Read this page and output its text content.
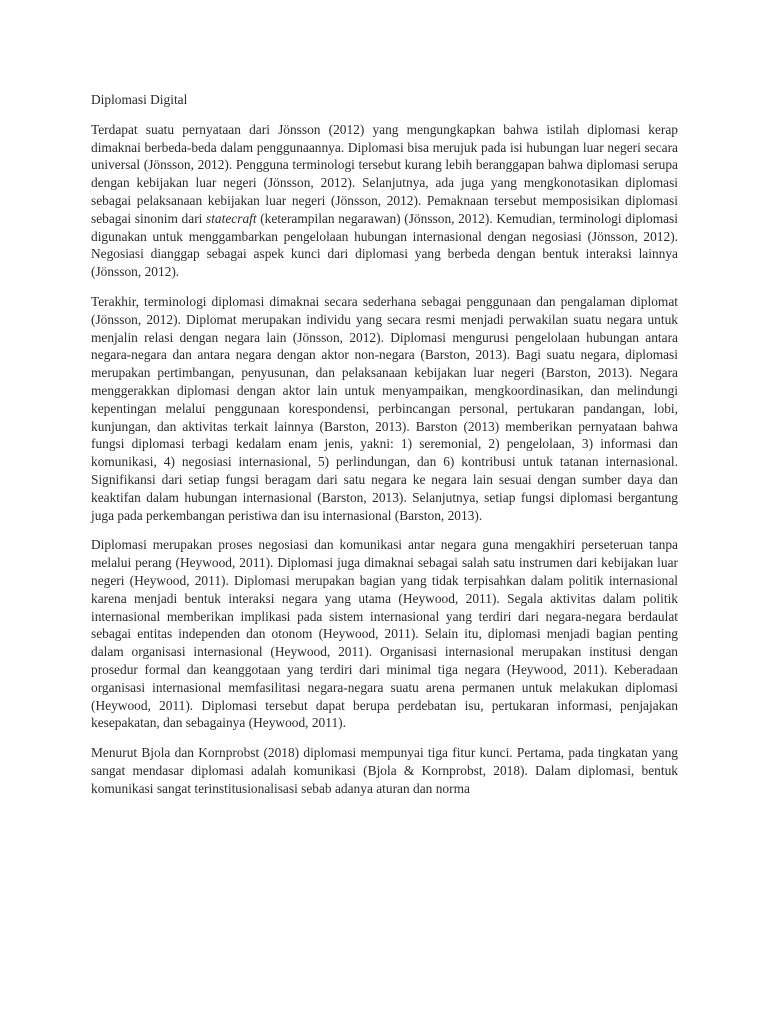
Diplomasi Digital

Terdapat suatu pernyataan dari Jönsson (2012) yang mengungkapkan bahwa istilah diplomasi kerap dimaknai berbeda-beda dalam penggunaannya. Diplomasi bisa merujuk pada isi hubungan luar negeri secara universal (Jönsson, 2012). Pengguna terminologi tersebut kurang lebih beranggapan bahwa diplomasi serupa dengan kebijakan luar negeri (Jönsson, 2012). Selanjutnya, ada juga yang mengkonotasikan diplomasi sebagai pelaksanaan kebijakan luar negeri (Jönsson, 2012). Pemaknaan tersebut memposisikan diplomasi sebagai sinonim dari statecraft (keterampilan negarawan) (Jönsson, 2012). Kemudian, terminologi diplomasi digunakan untuk menggambarkan pengelolaan hubungan internasional dengan negosiasi (Jönsson, 2012). Negosiasi dianggap sebagai aspek kunci dari diplomasi yang berbeda dengan bentuk interaksi lainnya (Jönsson, 2012).

Terakhir, terminologi diplomasi dimaknai secara sederhana sebagai penggunaan dan pengalaman diplomat (Jönsson, 2012). Diplomat merupakan individu yang secara resmi menjadi perwakilan suatu negara untuk menjalin relasi dengan negara lain (Jönsson, 2012). Diplomasi mengurusi pengelolaan hubungan antara negara-negara dan antara negara dengan aktor non-negara (Barston, 2013). Bagi suatu negara, diplomasi merupakan pertimbangan, penyusunan, dan pelaksanaan kebijakan luar negeri (Barston, 2013). Negara menggerakkan diplomasi dengan aktor lain untuk menyampaikan, mengkoordinasikan, dan melindungi kepentingan melalui penggunaan korespondensi, perbincangan personal, pertukaran pandangan, lobi, kunjungan, dan aktivitas terkait lainnya (Barston, 2013). Barston (2013) memberikan pernyataan bahwa fungsi diplomasi terbagi kedalam enam jenis, yakni: 1) seremonial, 2) pengelolaan, 3) informasi dan komunikasi, 4) negosiasi internasional, 5) perlindungan, dan 6) kontribusi untuk tatanan internasional. Signifikansi dari setiap fungsi beragam dari satu negara ke negara lain sesuai dengan sumber daya dan keaktifan dalam hubungan internasional (Barston, 2013). Selanjutnya, setiap fungsi diplomasi bergantung juga pada perkembangan peristiwa dan isu internasional (Barston, 2013).

Diplomasi merupakan proses negosiasi dan komunikasi antar negara guna mengakhiri perseteruan tanpa melalui perang (Heywood, 2011). Diplomasi juga dimaknai sebagai salah satu instrumen dari kebijakan luar negeri (Heywood, 2011). Diplomasi merupakan bagian yang tidak terpisahkan dalam politik internasional karena menjadi bentuk interaksi negara yang utama (Heywood, 2011). Segala aktivitas dalam politik internasional memberikan implikasi pada sistem internasional yang terdiri dari negara-negara berdaulat sebagai entitas independen dan otonom (Heywood, 2011). Selain itu, diplomasi menjadi bagian penting dalam organisasi internasional (Heywood, 2011). Organisasi internasional merupakan institusi dengan prosedur formal dan keanggotaan yang terdiri dari minimal tiga negara (Heywood, 2011). Keberadaan organisasi internasional memfasilitasi negara-negara suatu arena permanen untuk melakukan diplomasi (Heywood, 2011). Diplomasi tersebut dapat berupa perdebatan isu, pertukaran informasi, penjajakan kesepakatan, dan sebagainya (Heywood, 2011).

Menurut Bjola dan Kornprobst (2018) diplomasi mempunyai tiga fitur kunci. Pertama, pada tingkatan yang sangat mendasar diplomasi adalah komunikasi (Bjola & Kornprobst, 2018). Dalam diplomasi, bentuk komunikasi sangat terinstitusionalisasi sebab adanya aturan dan norma
